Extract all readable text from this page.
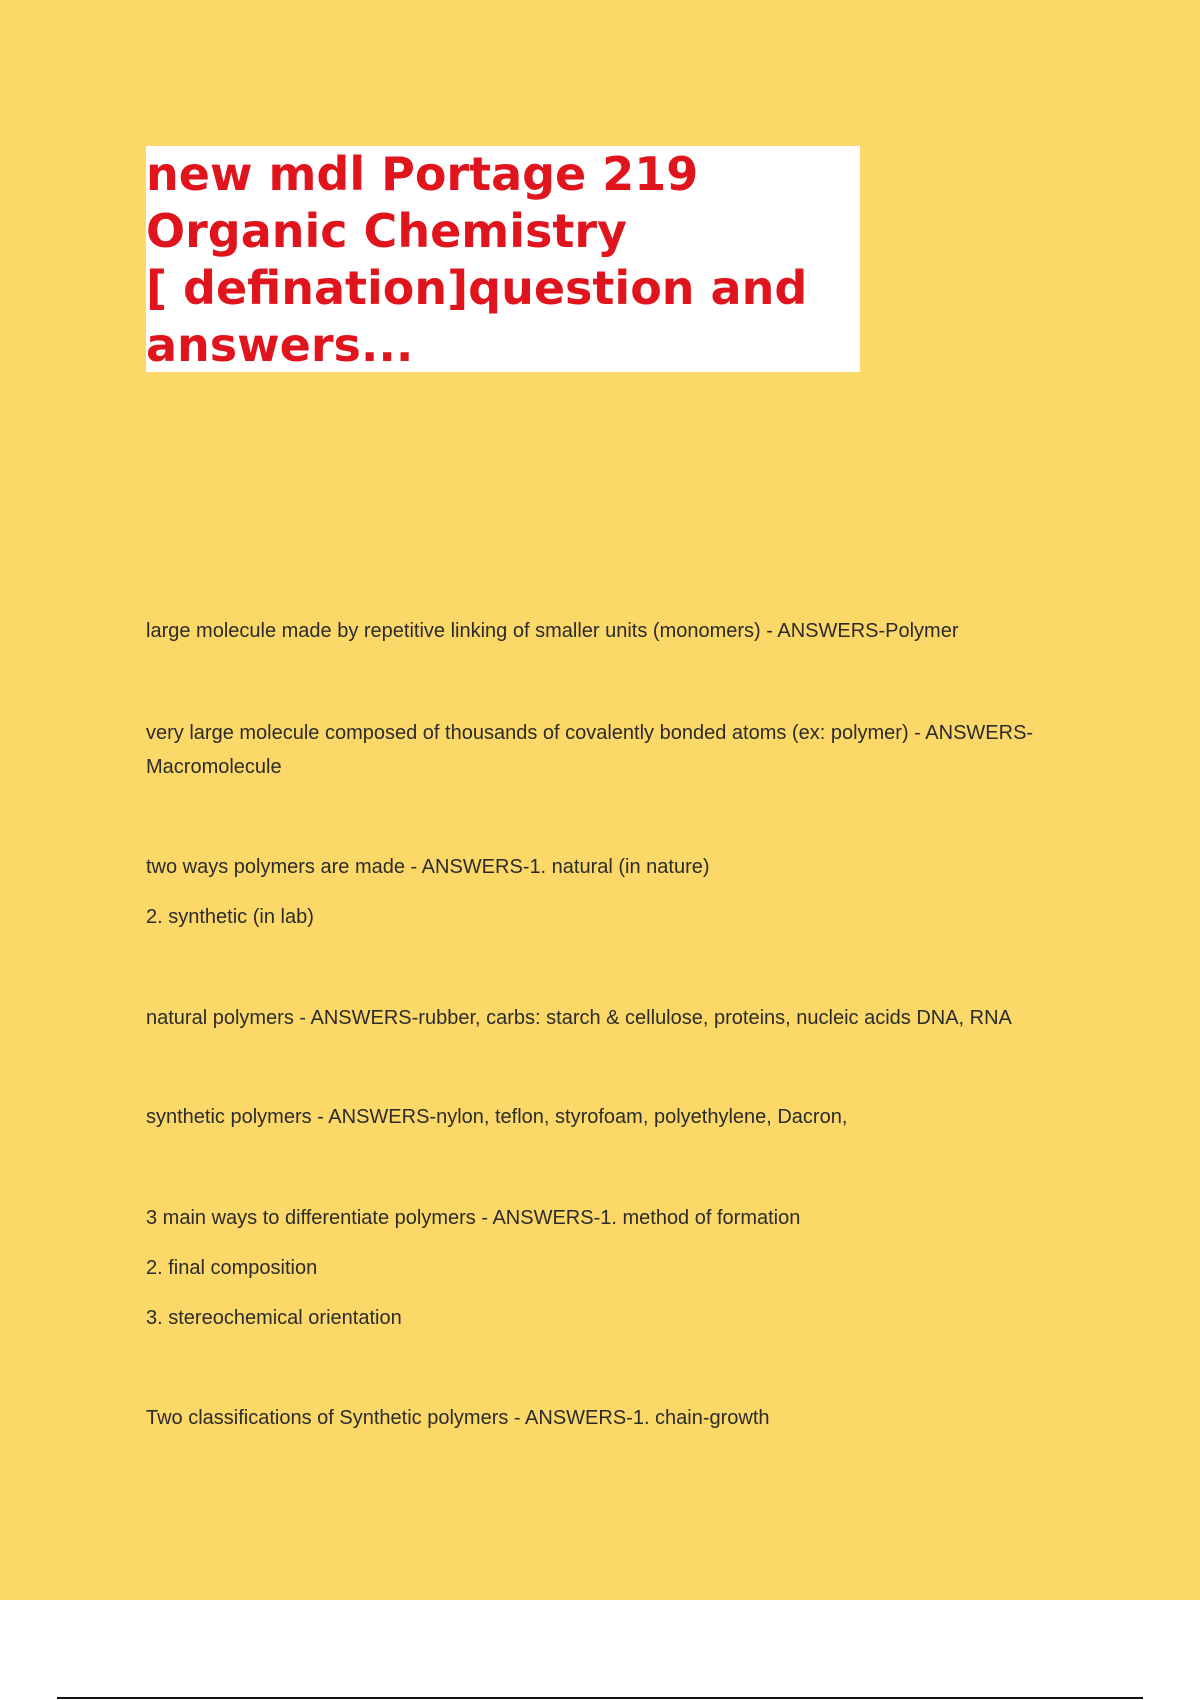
new mdl Portage 219
Organic Chemistry
[ defination]question and
answers...

large molecule made by repetitive linking of smaller units (monomers) - ANSWERS-Polymer

very large molecule composed of thousands of covalently bonded atoms (ex: polymer) - ANSWERS-Macromolecule

two ways polymers are made - ANSWERS-1. natural (in nature)

2. synthetic (in lab)

natural polymers - ANSWERS-rubber, carbs: starch & cellulose, proteins, nucleic acids DNA, RNA

synthetic polymers - ANSWERS-nylon, teflon, styrofoam, polyethylene, Dacron,

3 main ways to differentiate polymers - ANSWERS-1. method of formation

2. final composition

3. stereochemical orientation

Two classifications of Synthetic polymers - ANSWERS-1. chain-growth
